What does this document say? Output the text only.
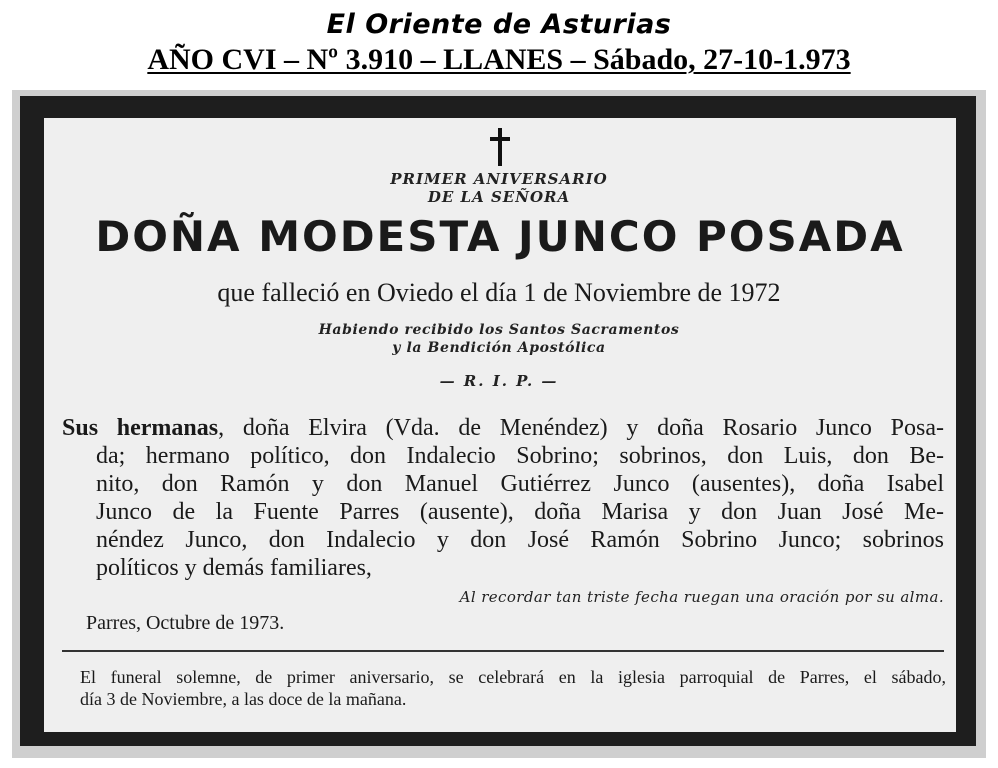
El Oriente de Asturias
AÑO CVI – Nº 3.910 – LLANES – Sábado, 27-10-1.973
PRIMER ANIVERSARIO
DE LA SEÑORA
DOÑA MODESTA JUNCO POSADA
que falleció en Oviedo el día 1 de Noviembre de 1972
Habiendo recibido los Santos Sacramentos
y la Bendición Apostólica
— R. I. P. —
Sus hermanas, doña Elvira (Vda. de Menéndez) y doña Rosario Junco Posa-
da; hermano político, don Indalecio Sobrino; sobrinos, don Luis, don Be-
nito, don Ramón y don Manuel Gutiérrez Junco (ausentes), doña Isabel
Junco de la Fuente Parres (ausente), doña Marisa y don Juan José Me-
néndez Junco, don Indalecio y don José Ramón Sobrino Junco; sobrinos
políticos y demás familiares,
Al recordar tan triste fecha ruegan una oración por su alma.
Parres, Octubre de 1973.
El funeral solemne, de primer aniversario, se celebrará en la iglesia parroquial de Parres, el sábado,
día 3 de Noviembre, a las doce de la mañana.
